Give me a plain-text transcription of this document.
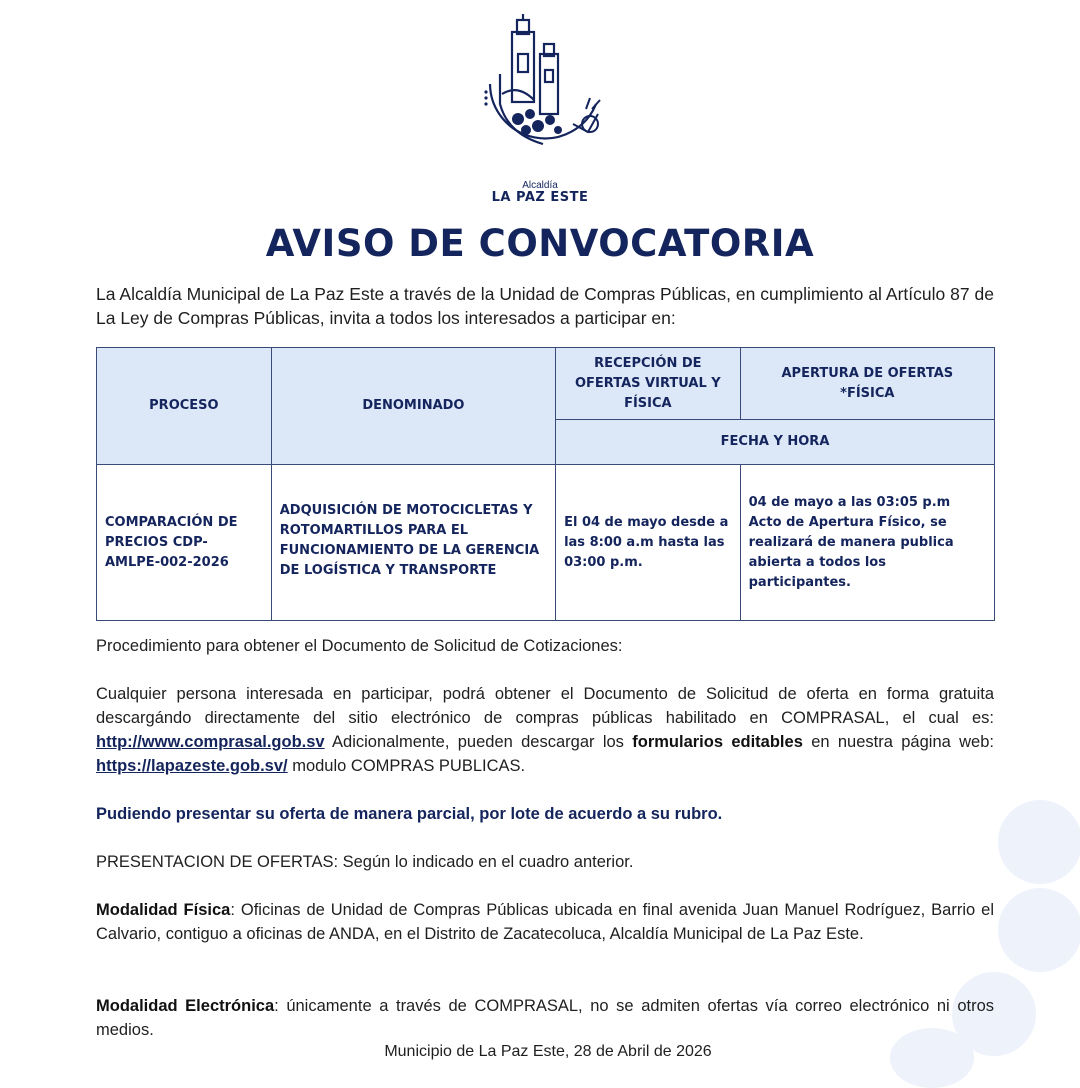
Alcaldía
LA PAZ ESTE
AVISO DE CONVOCATORIA
La Alcaldía Municipal de La Paz Este a través de la Unidad de Compras Públicas, en cumplimiento al Artículo 87 de La Ley de Compras Públicas, invita a todos los interesados a participar en:
PROCESO	DENOMINADO	RECEPCIÓN DE OFERTAS VIRTUAL Y FÍSICA	APERTURA DE OFERTAS *FÍSICA
		FECHA Y HORA	
COMPARACIÓN DE PRECIOS CDP-AMLPE-002-2026	ADQUISICIÓN DE MOTOCICLETAS Y ROTOMARTILLOS PARA EL FUNCIONAMIENTO DE LA GERENCIA DE LOGÍSTICA Y TRANSPORTE	El 04 de mayo desde a las 8:00 a.m hasta las 03:00 p.m.	04 de mayo a las 03:05 p.m Acto de Apertura Físico, se realizará de manera publica abierta a todos los participantes.
Procedimiento para obtener el Documento de Solicitud de Cotizaciones:
Cualquier persona interesada en participar, podrá obtener el Documento de Solicitud de oferta en forma gratuita descargándo directamente del sitio electrónico de compras públicas habilitado en COMPRASAL, el cual es: http://www.comprasal.gob.sv Adicionalmente, pueden descargar los formularios editables en nuestra página web: https://lapazeste.gob.sv/ modulo COMPRAS PUBLICAS.
Pudiendo presentar su oferta de manera parcial, por lote de acuerdo a su rubro.
PRESENTACION DE OFERTAS: Según lo indicado en el cuadro anterior.
Modalidad Física: Oficinas de Unidad de Compras Públicas ubicada en final avenida Juan Manuel Rodríguez, Barrio el Calvario, contiguo a oficinas de ANDA, en el Distrito de Zacatecoluca, Alcaldía Municipal de La Paz Este.
Modalidad Electrónica: únicamente a través de COMPRASAL, no se admiten ofertas vía correo electrónico ni otros medios.
Municipio de La Paz Este, 28 de Abril de 2026
